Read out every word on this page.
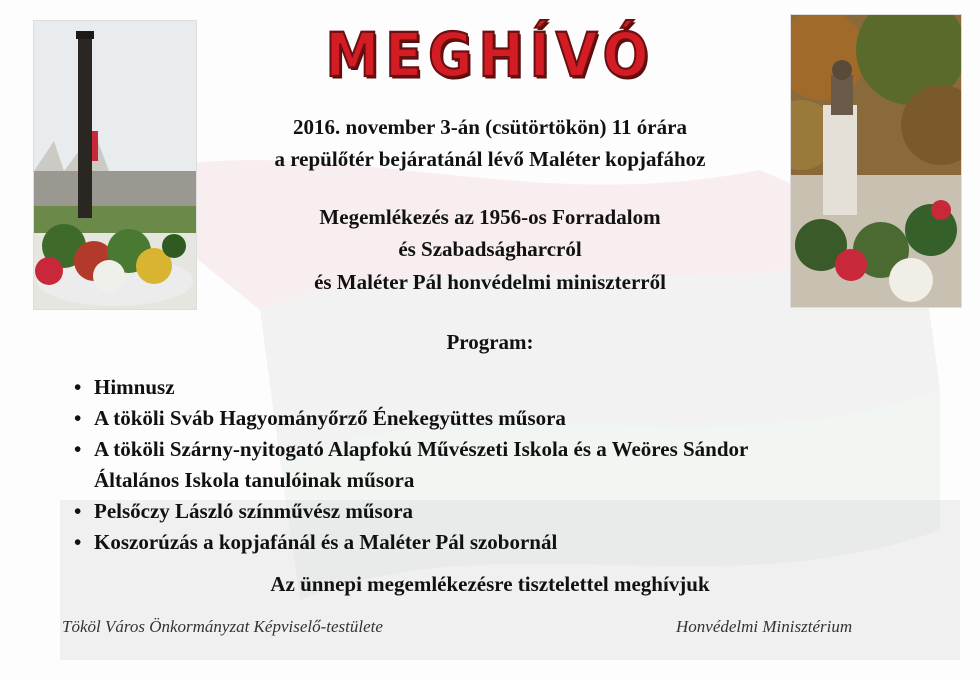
MEGHÍVÓ
2016. november 3-án (csütörtökön) 11 órára
a repülőtér bejáratánál lévő Maléter kopjafához
Megemlékezés az 1956-os Forradalom
és Szabadságharcról
és Maléter Pál honvédelmi miniszterről
Program:
• Himnusz
• A tököli Sváb Hagyományőrző Énekegyüttes műsora
• A tököli Szárny-nyitogató Alapfokú Művészeti Iskola és a Weöres Sándor
Általános Iskola tanulóinak műsora
• Pelsőczy László színművész műsora
• Koszorúzás a kopjafánál és a Maléter Pál szobornál
Az ünnepi megemlékezésre tisztelettel meghívjuk
Tököl Város Önkormányzat Képviselő-testülete	Honvédelmi Minisztérium
